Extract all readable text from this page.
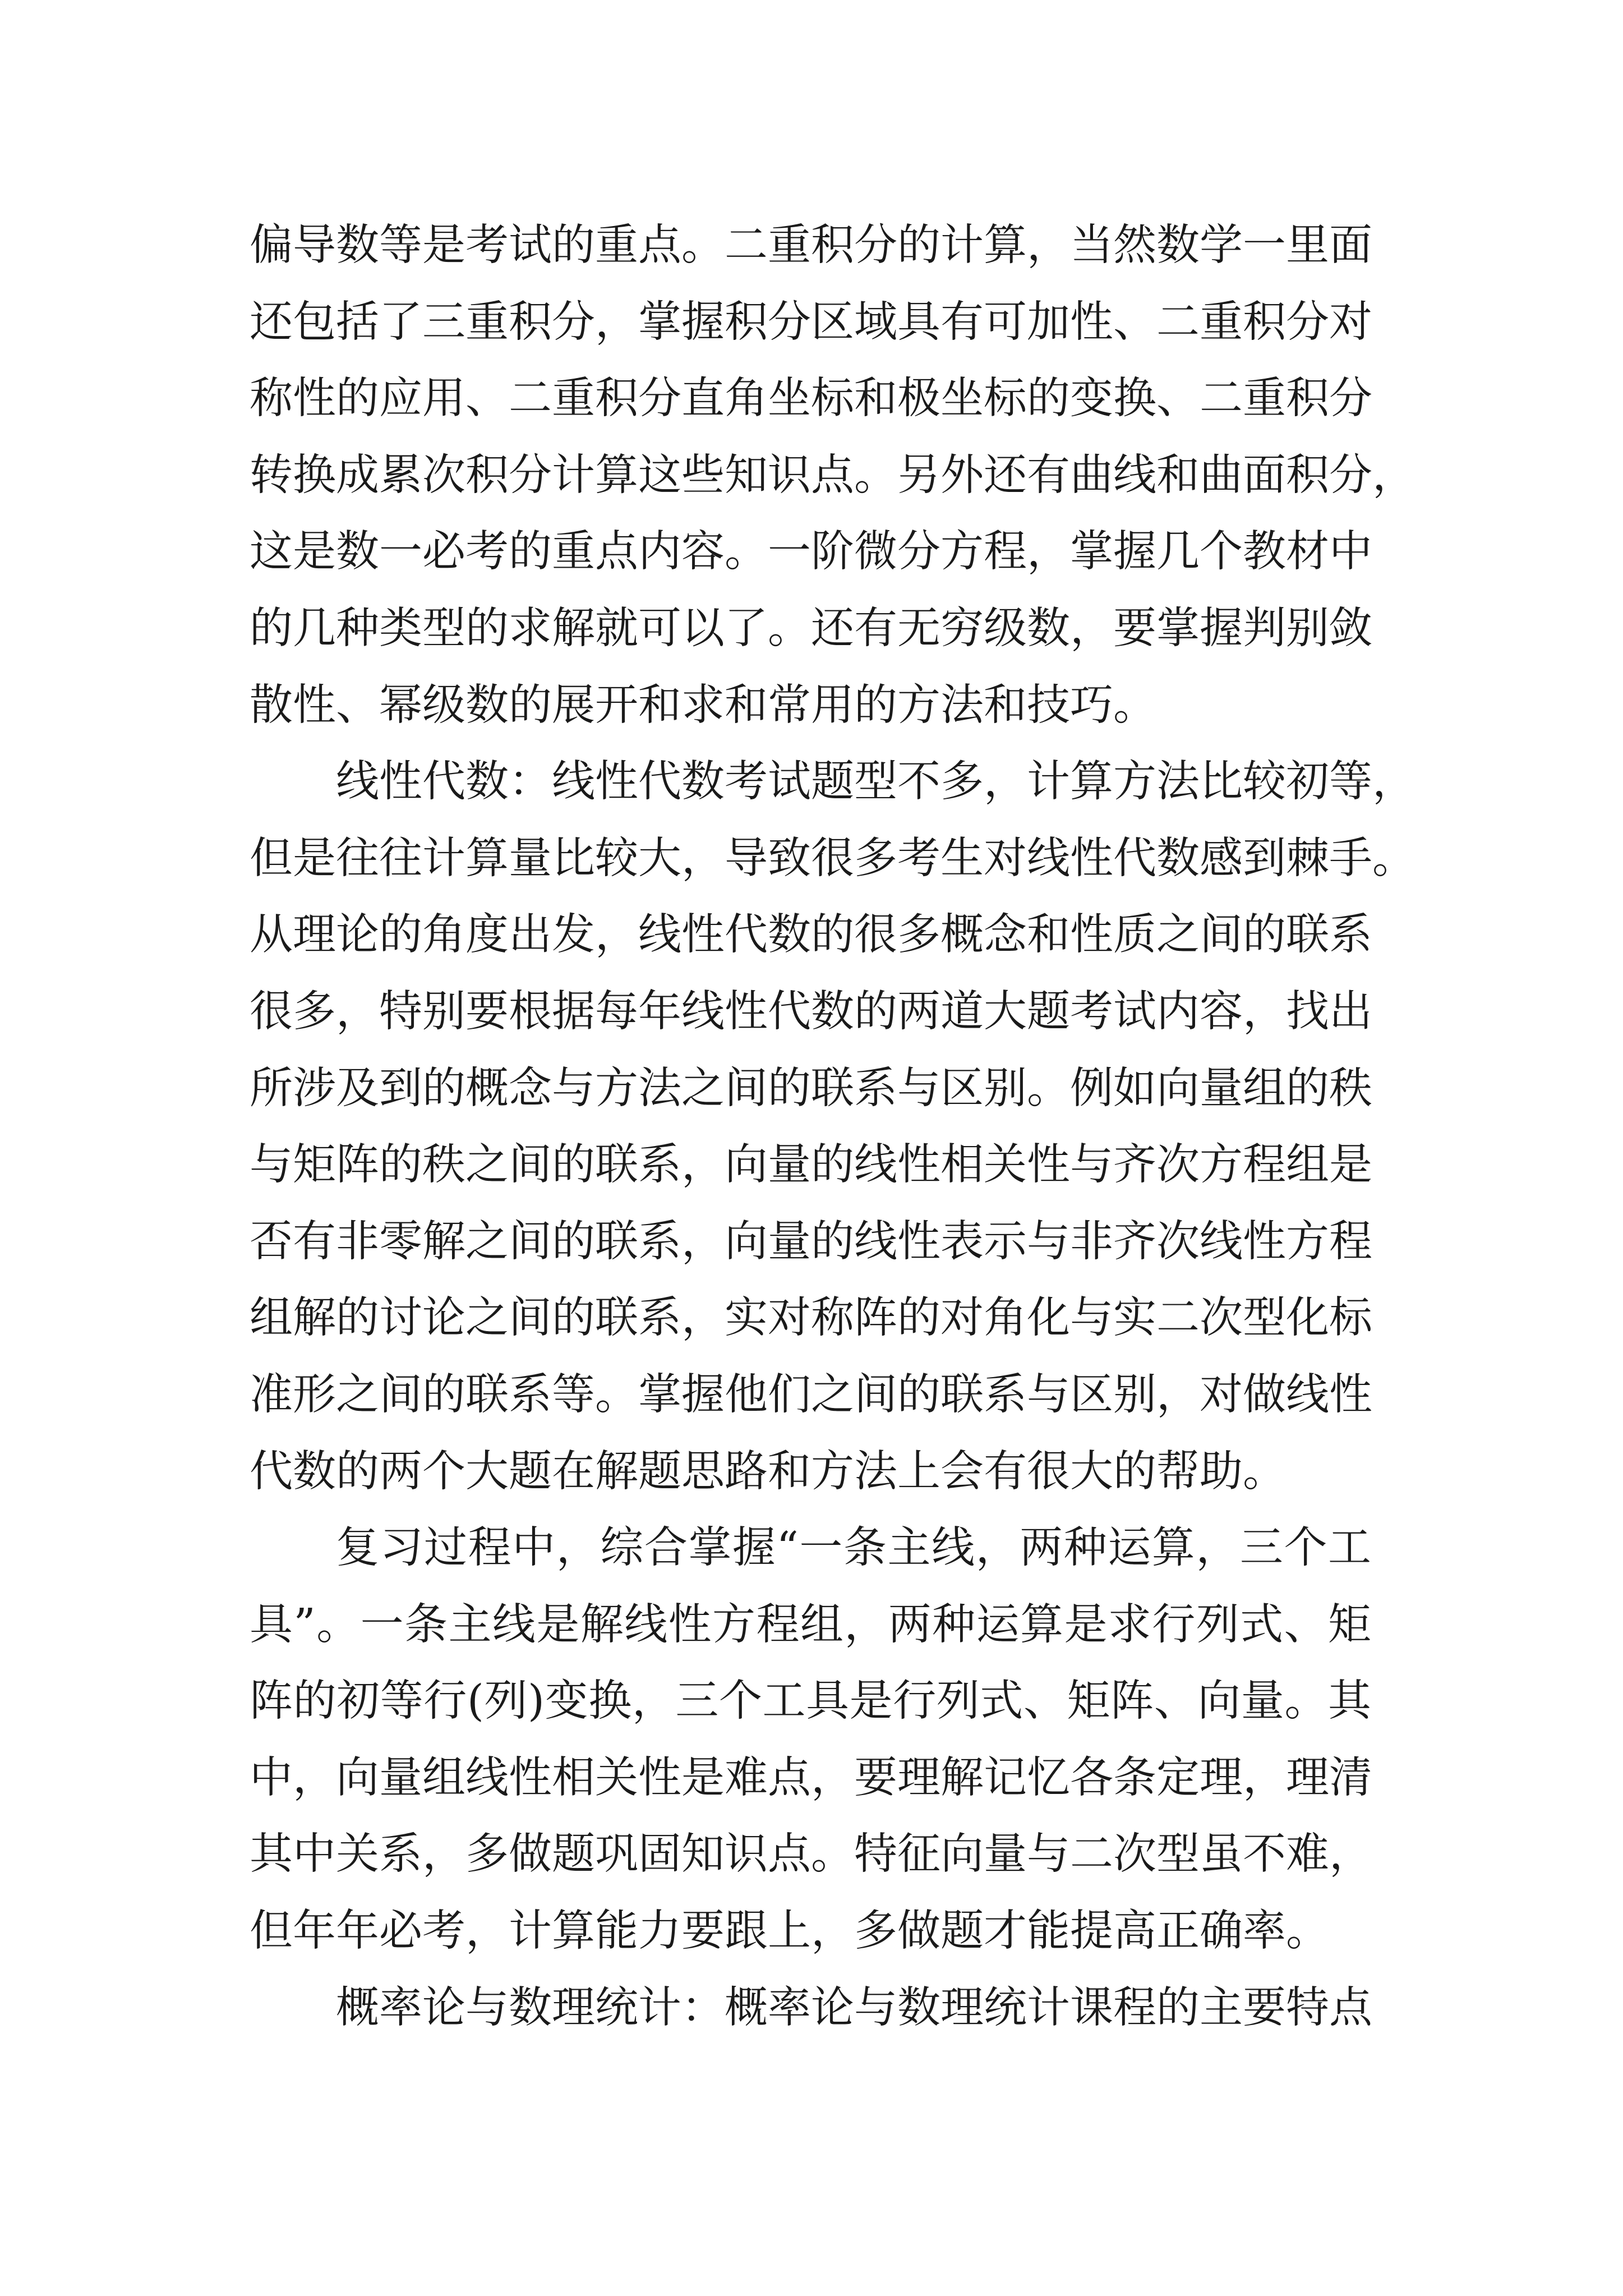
偏导数等是考试的重点。二重积分的计算，当然数学一里面
还包括了三重积分，掌握积分区域具有可加性、二重积分对
称性的应用、二重积分直角坐标和极坐标的变换、二重积分
转换成累次积分计算这些知识点。另外还有曲线和曲面积分，
这是数一必考的重点内容。一阶微分方程，掌握几个教材中
的几种类型的求解就可以了。还有无穷级数，要掌握判别敛
散性、幂级数的展开和求和常用的方法和技巧。
线性代数：线性代数考试题型不多，计算方法比较初等，
但是往往计算量比较大，导致很多考生对线性代数感到棘手。
从理论的角度出发，线性代数的很多概念和性质之间的联系
很多，特别要根据每年线性代数的两道大题考试内容，找出
所涉及到的概念与方法之间的联系与区别。例如向量组的秩
与矩阵的秩之间的联系，向量的线性相关性与齐次方程组是
否有非零解之间的联系，向量的线性表示与非齐次线性方程
组解的讨论之间的联系，实对称阵的对角化与实二次型化标
准形之间的联系等。掌握他们之间的联系与区别，对做线性
代数的两个大题在解题思路和方法上会有很大的帮助。
复习过程中，综合掌握“一条主线，两种运算，三个工
具”。一条主线是解线性方程组，两种运算是求行列式、矩
阵的初等行(列)变换，三个工具是行列式、矩阵、向量。其
中，向量组线性相关性是难点，要理解记忆各条定理，理清
其中关系，多做题巩固知识点。特征向量与二次型虽不难，
但年年必考，计算能力要跟上，多做题才能提高正确率。
概率论与数理统计：概率论与数理统计课程的主要特点
